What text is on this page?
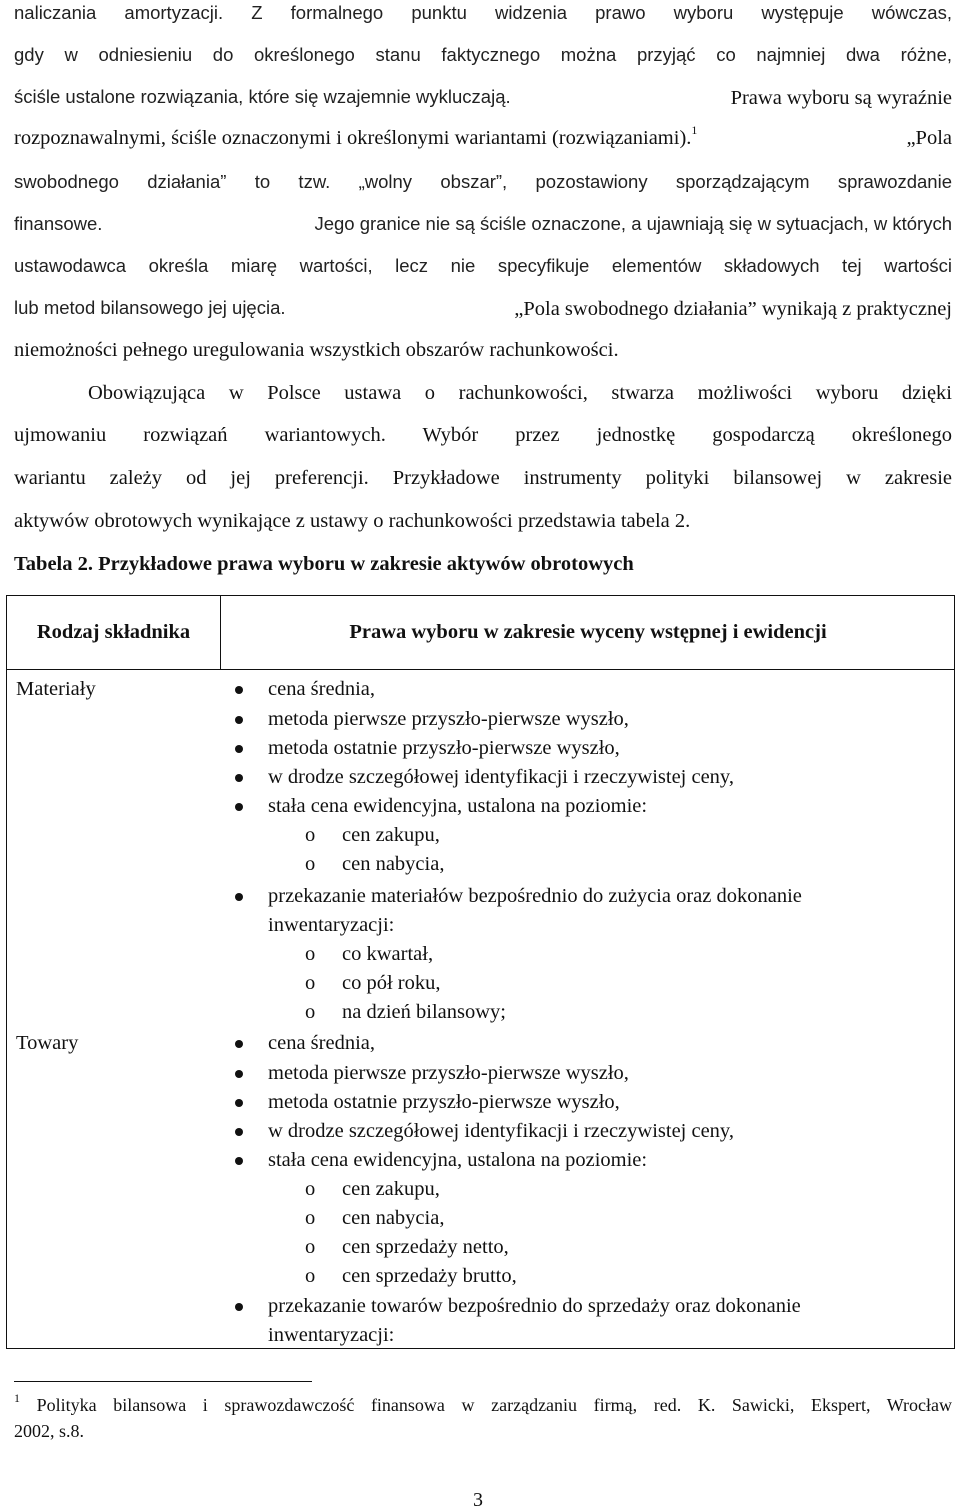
naliczania amortyzacji. Z formalnego punktu widzenia prawo wyboru występuje wówczas,
gdy w odniesieniu do określonego stanu faktycznego można przyjąć co najmniej dwa różne,
ściśle ustalone rozwiązania, które się wzajemnie wykluczają.	Prawa wyboru są wyraźnie
rozpoznawalnymi, ściśle oznaczonymi i określonymi wariantami (rozwiązaniami).$^1$	„Pola
swobodnego działania” to tzw. „wolny obszar”, pozostawiony sporządzającym sprawozdanie
finansowe.	Jego granice nie są ściśle oznaczone, a ujawniają się w sytuacjach, w których
ustawodawca określa miarę wartości, lecz nie specyfikuje elementów składowych tej wartości
lub metod bilansowego jej ujęcia.	„Pola swobodnego działania” wynikają z praktycznej
niemożności pełnego uregulowania wszystkich obszarów rachunkowości.
Obowiązująca w Polsce ustawa o rachunkowości, stwarza możliwości wyboru dzięki
ujmowaniu rozwiązań wariantowych. Wybór przez jednostkę gospodarczą określonego
wariantu zależy od jej preferencji. Przykładowe instrumenty polityki bilansowej w zakresie
aktywów obrotowych wynikające z ustawy o rachunkowości przedstawia tabela 2.
Tabela 2. Przykładowe prawa wyboru w zakresie aktywów obrotowych
Rodzaj składnika	Prawa wyboru w zakresie wyceny wstępnej i ewidencji
Materiały	cena średnia,
metoda pierwsze przyszło-pierwsze wyszło,
metoda ostatnie przyszło-pierwsze wyszło,
w drodze szczegółowej identyfikacji i rzeczywistej ceny,
stała cena ewidencyjna, ustalona na poziomie:
o cen zakupu,
o cen nabycia,
przekazanie materiałów bezpośrednio do zużycia oraz dokonanie
inwentaryzacji:
o co kwartał,
o co pół roku,
o na dzień bilansowy;
Towary	cena średnia,
metoda pierwsze przyszło-pierwsze wyszło,
metoda ostatnie przyszło-pierwsze wyszło,
w drodze szczegółowej identyfikacji i rzeczywistej ceny,
stała cena ewidencyjna, ustalona na poziomie:
o cen zakupu,
o cen nabycia,
o cen sprzedaży netto,
o cen sprzedaży brutto,
przekazanie towarów bezpośrednio do sprzedaży oraz dokonanie
inwentaryzacji:
$^1$ Polityka bilansowa i sprawozdawczość finansowa w zarządzaniu firmą, red. K. Sawicki, Ekspert, Wrocław
2002, s.8.
3
